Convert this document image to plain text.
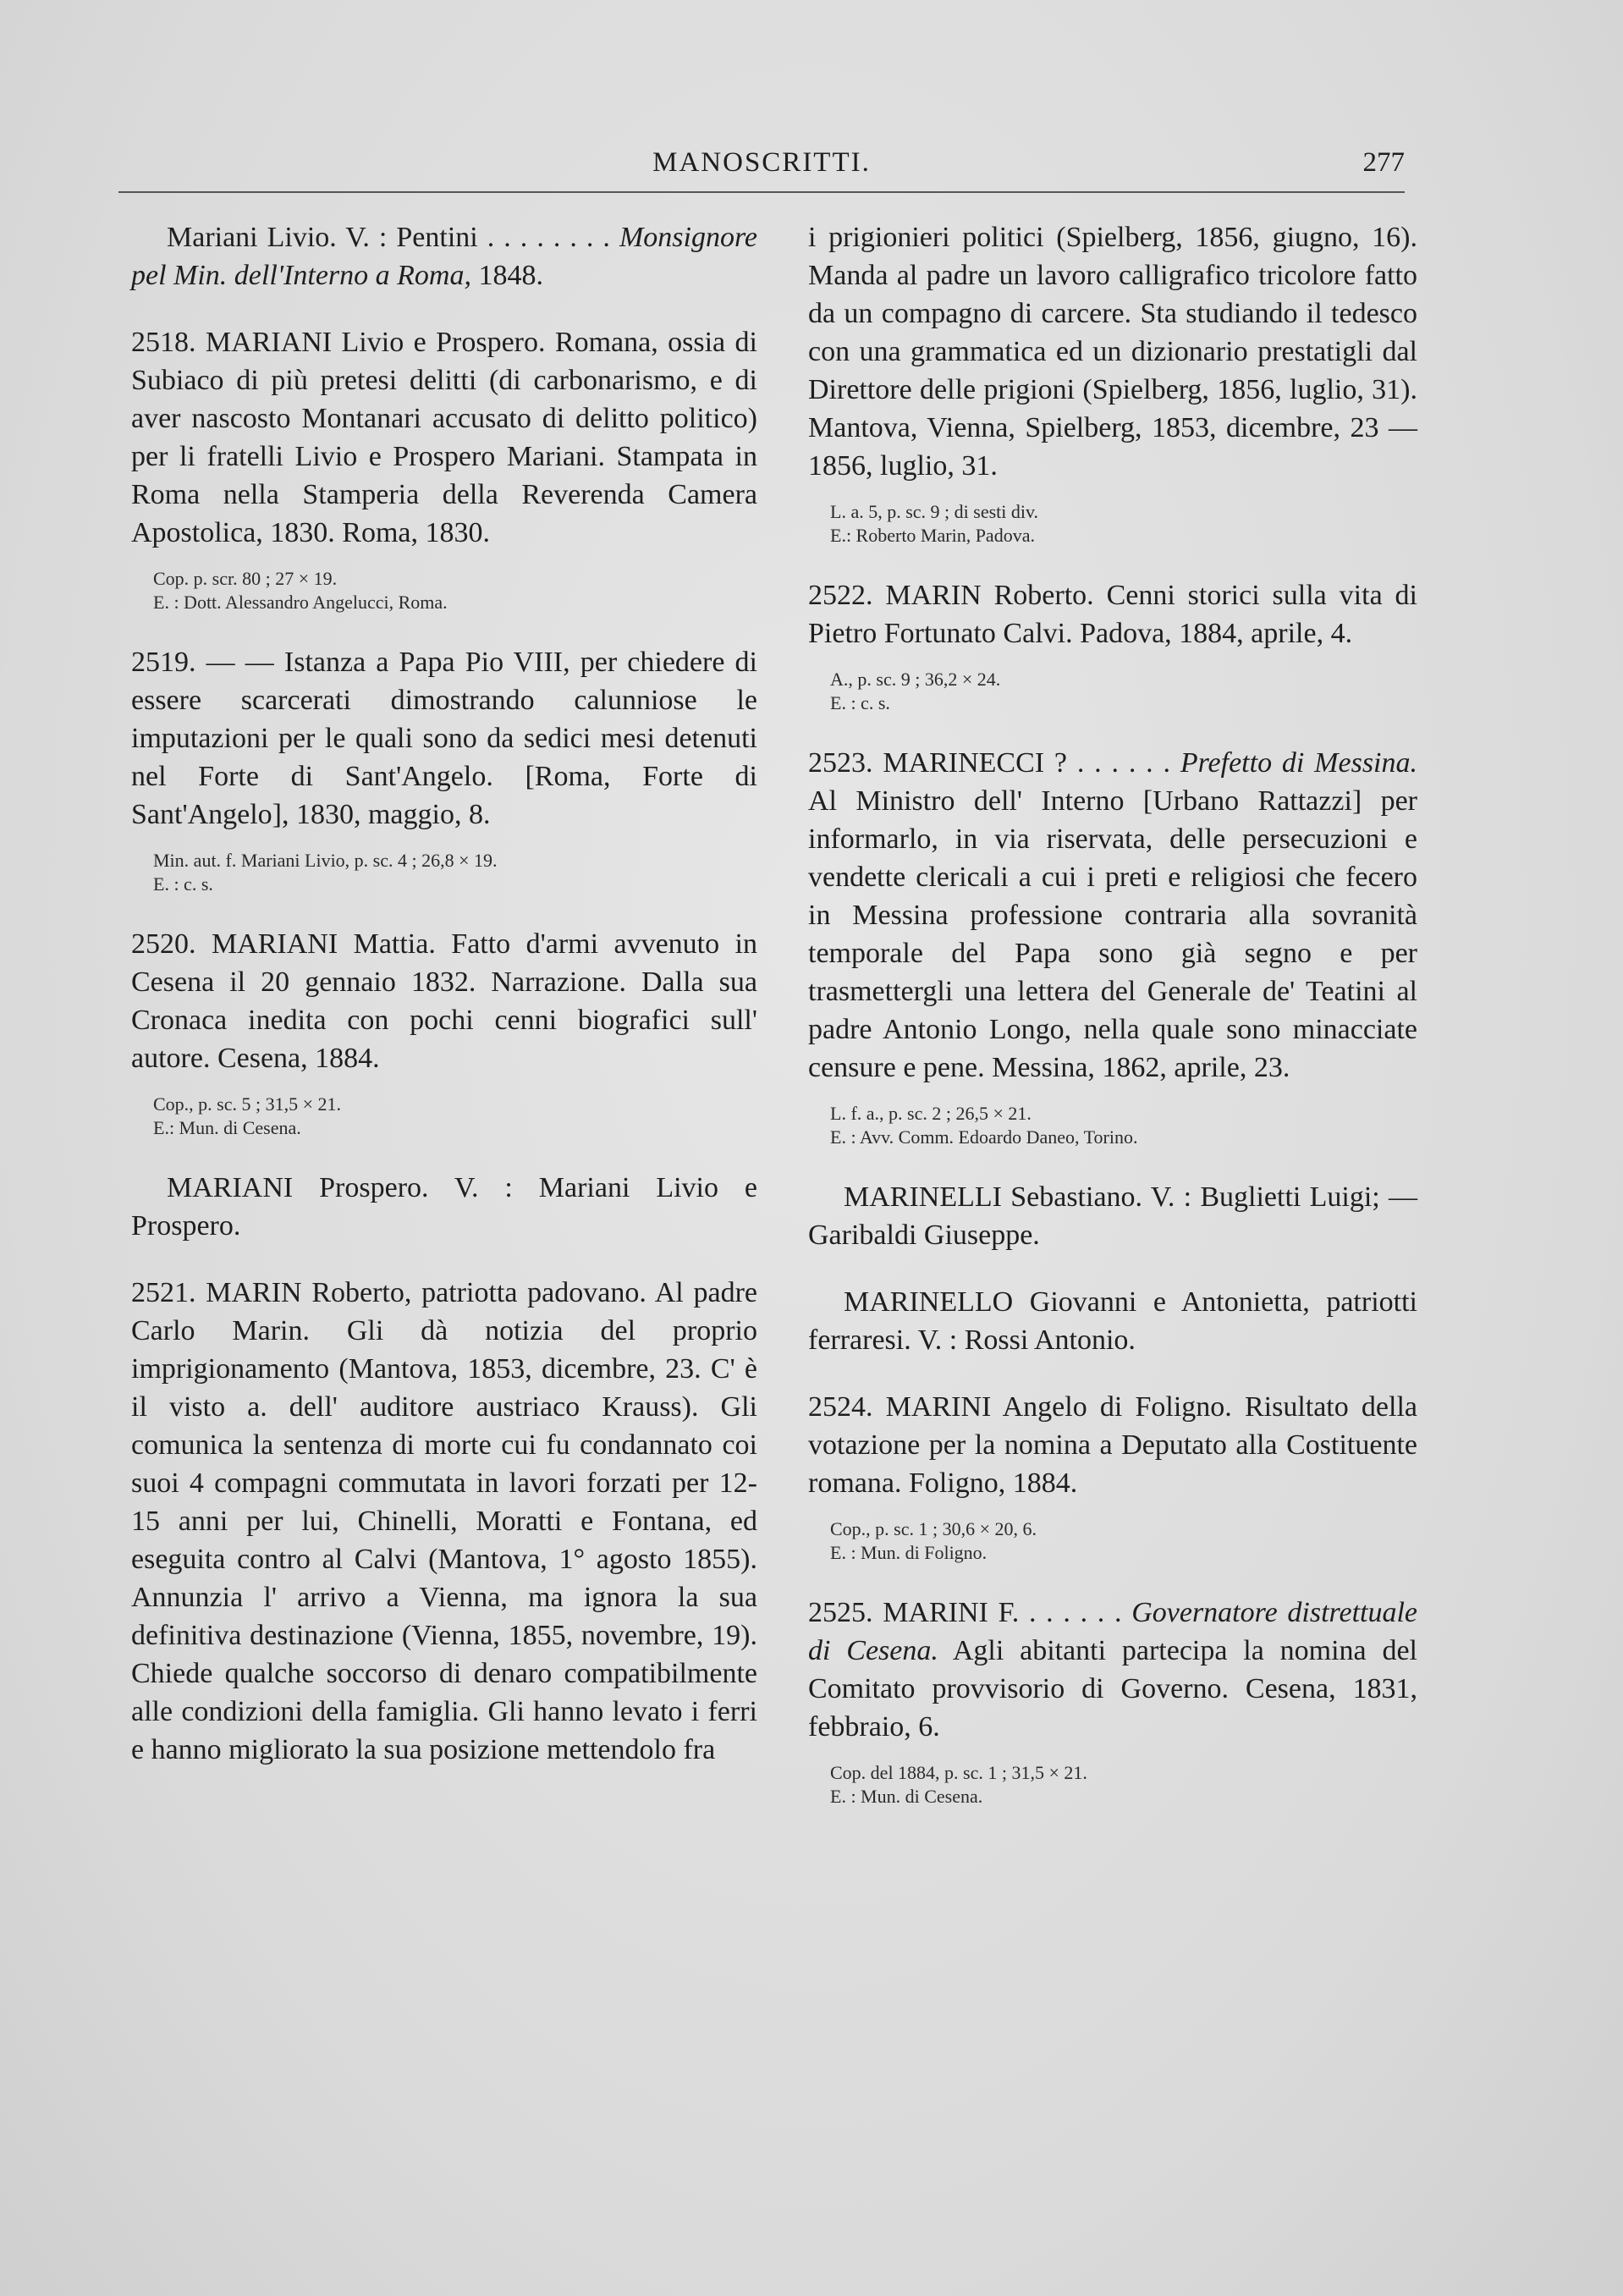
MANOSCRITTI.	277

Mariani Livio. V. : Pentini . . . . . . . . Monsignore pel Min. dell'Interno a Roma, 1848.

2518. MARIANI Livio e Prospero. Romana, ossia di Subiaco di più pretesi delitti (di carbonarismo, e di aver nascosto Montanari accusato di delitto politico) per li fratelli Livio e Prospero Mariani. Stampata in Roma nella Stamperia della Reverenda Camera Apostolica, 1830. Roma, 1830.

Cop. p. scr. 80 ; 27 × 19.
E. : Dott. Alessandro Angelucci, Roma.

2519. — — Istanza a Papa Pio VIII, per chiedere di essere scarcerati dimostrando calunniose le imputazioni per le quali sono da sedici mesi detenuti nel Forte di Sant'Angelo. [Roma, Forte di Sant'Angelo], 1830, maggio, 8.

Min. aut. f. Mariani Livio, p. sc. 4 ; 26,8 × 19.
E. : c. s.

2520. MARIANI Mattia. Fatto d'armi avvenuto in Cesena il 20 gennaio 1832. Narrazione. Dalla sua Cronaca inedita con pochi cenni biografici sull' autore. Cesena, 1884.

Cop., p. sc. 5 ; 31,5 × 21.
E.: Mun. di Cesena.

MARIANI Prospero. V. : Mariani Livio e Prospero.

2521. MARIN Roberto, patriotta padovano. Al padre Carlo Marin. Gli dà notizia del proprio imprigionamento (Mantova, 1853, dicembre, 23. C' è il visto a. dell' auditore austriaco Krauss). Gli comunica la sentenza di morte cui fu condannato coi suoi 4 compagni commutata in lavori forzati per 12-15 anni per lui, Chinelli, Moratti e Fontana, ed eseguita contro al Calvi (Mantova, 1° agosto 1855). Annunzia l' arrivo a Vienna, ma ignora la sua definitiva destinazione (Vienna, 1855, novembre, 19). Chiede qualche soccorso di denaro compatibilmente alle condizioni della famiglia. Gli hanno levato i ferri e hanno migliorato la sua posizione mettendolo fra

i prigionieri politici (Spielberg, 1856, giugno, 16). Manda al padre un lavoro calligrafico tricolore fatto da un compagno di carcere. Sta studiando il tedesco con una grammatica ed un dizionario prestatigli dal Direttore delle prigioni (Spielberg, 1856, luglio, 31). Mantova, Vienna, Spielberg, 1853, dicembre, 23 — 1856, luglio, 31.

L. a. 5, p. sc. 9 ; di sesti div.
E.: Roberto Marin, Padova.

2522. MARIN Roberto. Cenni storici sulla vita di Pietro Fortunato Calvi. Padova, 1884, aprile, 4.

A., p. sc. 9 ; 36,2 × 24.
E. : c. s.

2523. MARINECCI ? . . . . . . Prefetto di Messina. Al Ministro dell' Interno [Urbano Rattazzi] per informarlo, in via riservata, delle persecuzioni e vendette clericali a cui i preti e religiosi che fecero in Messina professione contraria alla sovranità temporale del Papa sono già segno e per trasmettergli una lettera del Generale de' Teatini al padre Antonio Longo, nella quale sono minacciate censure e pene. Messina, 1862, aprile, 23.

L. f. a., p. sc. 2 ; 26,5 × 21.
E. : Avv. Comm. Edoardo Daneo, Torino.

MARINELLI Sebastiano. V. : Buglietti Luigi; — Garibaldi Giuseppe.

MARINELLO Giovanni e Antonietta, patriotti ferraresi. V. : Rossi Antonio.

2524. MARINI Angelo di Foligno. Risultato della votazione per la nomina a Deputato alla Costituente romana. Foligno, 1884.

Cop., p. sc. 1 ; 30,6 × 20, 6.
E. : Mun. di Foligno.

2525. MARINI F. . . . . . . Governatore distrettuale di Cesena. Agli abitanti partecipa la nomina del Comitato provvisorio di Governo. Cesena, 1831, febbraio, 6.

Cop. del 1884, p. sc. 1 ; 31,5 × 21.
E. : Mun. di Cesena.
